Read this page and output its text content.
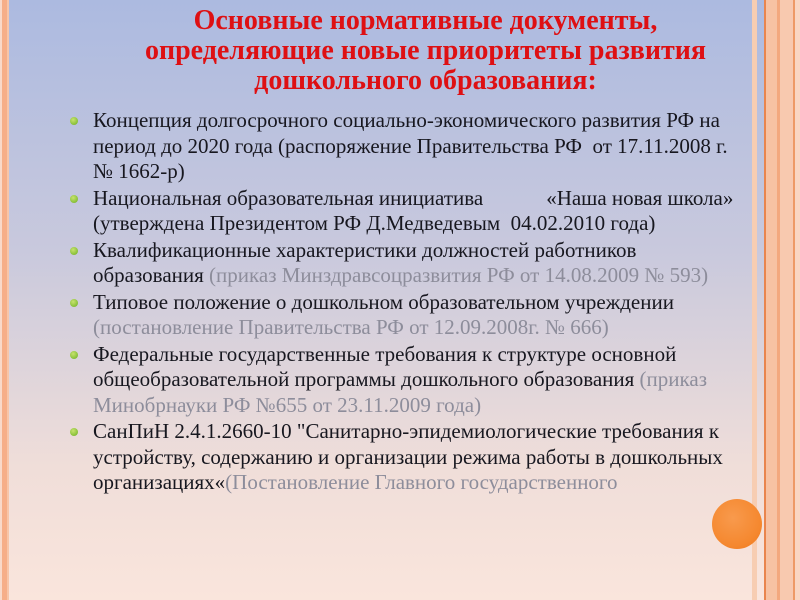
Основные нормативные документы, определяющие новые приоритеты развития дошкольного образования:
Концепция долгосрочного социально-экономического развития РФ на период до 2020 года (распоряжение Правительства РФ  от 17.11.2008 г. № 1662-р)
Национальная образовательная инициатива            «Наша новая школа»    (утверждена Президентом РФ Д.Медведевым  04.02.2010 года)
Квалификационные характеристики должностей работников образования (приказ Минздравсоцразвития РФ от 14.08.2009 № 593)
Типовое положение о дошкольном образовательном учреждении (постановление Правительства РФ от 12.09.2008г. № 666)
Федеральные государственные требования к структуре основной общеобразовательной программы дошкольного образования (приказ Минобрнауки РФ №655 от 23.11.2009 года)
СанПиН 2.4.1.2660-10 "Санитарно-эпидемиологические требования к устройству, содержанию и организации режима работы в дошкольных организациях«(Постановление Главного государственного
